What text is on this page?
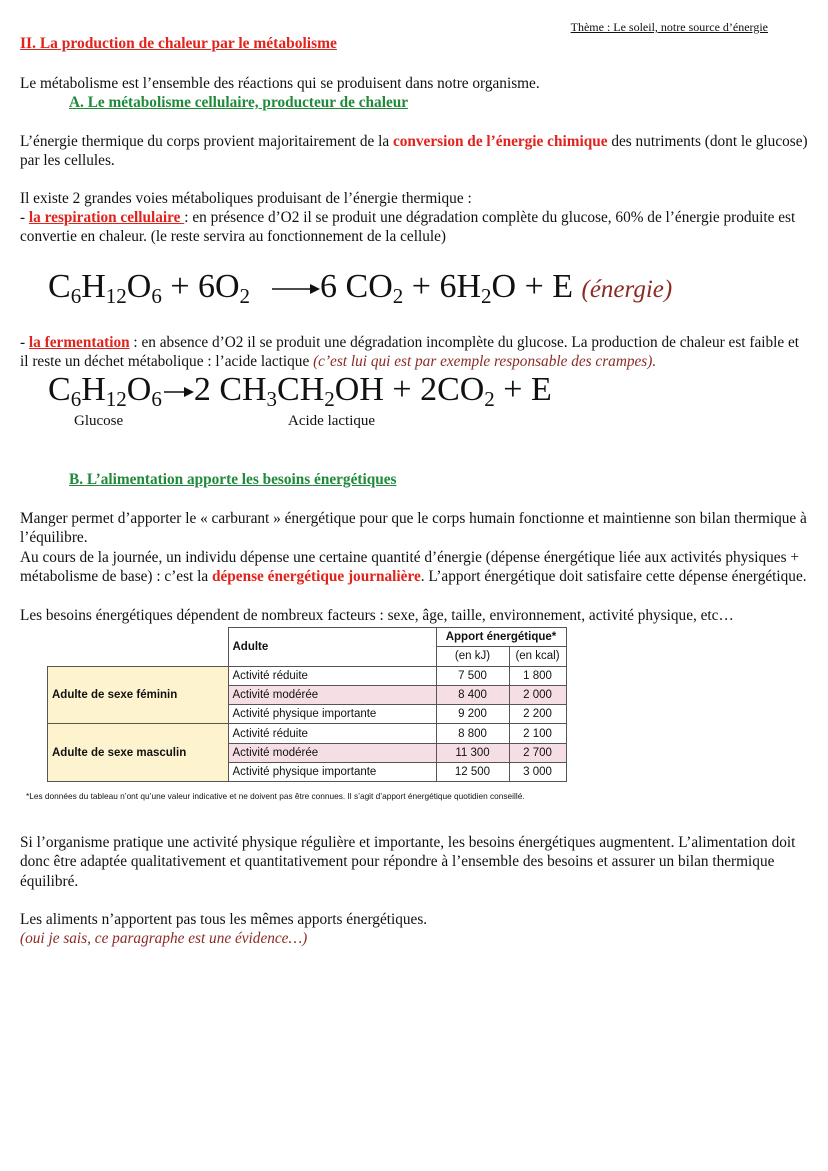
Thème : Le soleil, notre source d’énergie
II. La production de chaleur par le métabolisme

Le métabolisme est l’ensemble des réactions qui se produisent dans notre organisme.

A. Le métabolisme cellulaire, producteur de chaleur

L’énergie thermique du corps provient majoritairement de la conversion de l’énergie chimique des nutriments (dont le glucose) par les cellules.

Il existe 2 grandes voies métaboliques produisant de l’énergie thermique :

- la respiration cellulaire : en présence d’O2 il se produit une dégradation complète du glucose, 60% de l’énergie produite est convertie en chaleur. (le reste servira au fonctionnement de la cellule)

$C_6H_{12}O_6 + 6O_2 \to 6$ $CO_2 + 6H_2O + E$ (énergie)

- la fermentation : en absence d’O2 il se produit une dégradation incomplète du glucose. La production de chaleur est faible et il reste un déchet métabolique : l’acide lactique (c’est lui qui est par exemple responsable des crampes).

$C_6H_{12}O_6\to 2$ $CH_3CH_2OH + 2CO_2 + E$
Glucose	Acide lactique
B. L’alimentation apporte les besoins énergétiques

Manger permet d’apporter le « carburant » énergétique pour que le corps humain fonctionne et maintienne son bilan thermique à l’équilibre.

Au cours de la journée, un individu dépense une certaine quantité d’énergie (dépense énergétique liée aux activités physiques + métabolisme de base) : c’est la dépense énergétique journalière. L’apport énergétique doit satisfaire cette dépense énergétique.

Les besoins énergétiques dépendent de nombreux facteurs : sexe, âge, taille, environnement, activité physique, etc…

	Adulte	Apport énergétique*	
		(en kJ)	(en kcal)
Adulte de sexe féminin	Activité réduite	7 500	1 800
	Activité modérée	8 400	2 000
	Activité physique importante	9 200	2 200
Adulte de sexe masculin	Activité réduite	8 800	2 100
	Activité modérée	11 300	2 700
	Activité physique importante	12 500	3 000
*Les données du tableau n’ont qu’une valeur indicative et ne doivent pas être connues. Il s’agit d’apport énergétique quotidien conseillé.

Si l’organisme pratique une activité physique régulière et importante, les besoins énergétiques augmentent. L’alimentation doit donc être adaptée qualitativement et quantitativement pour répondre à l’ensemble des besoins et assurer un bilan thermique équilibré.

Les aliments n’apportent pas tous les mêmes apports énergétiques.

(oui je sais, ce paragraphe est une évidence…)
